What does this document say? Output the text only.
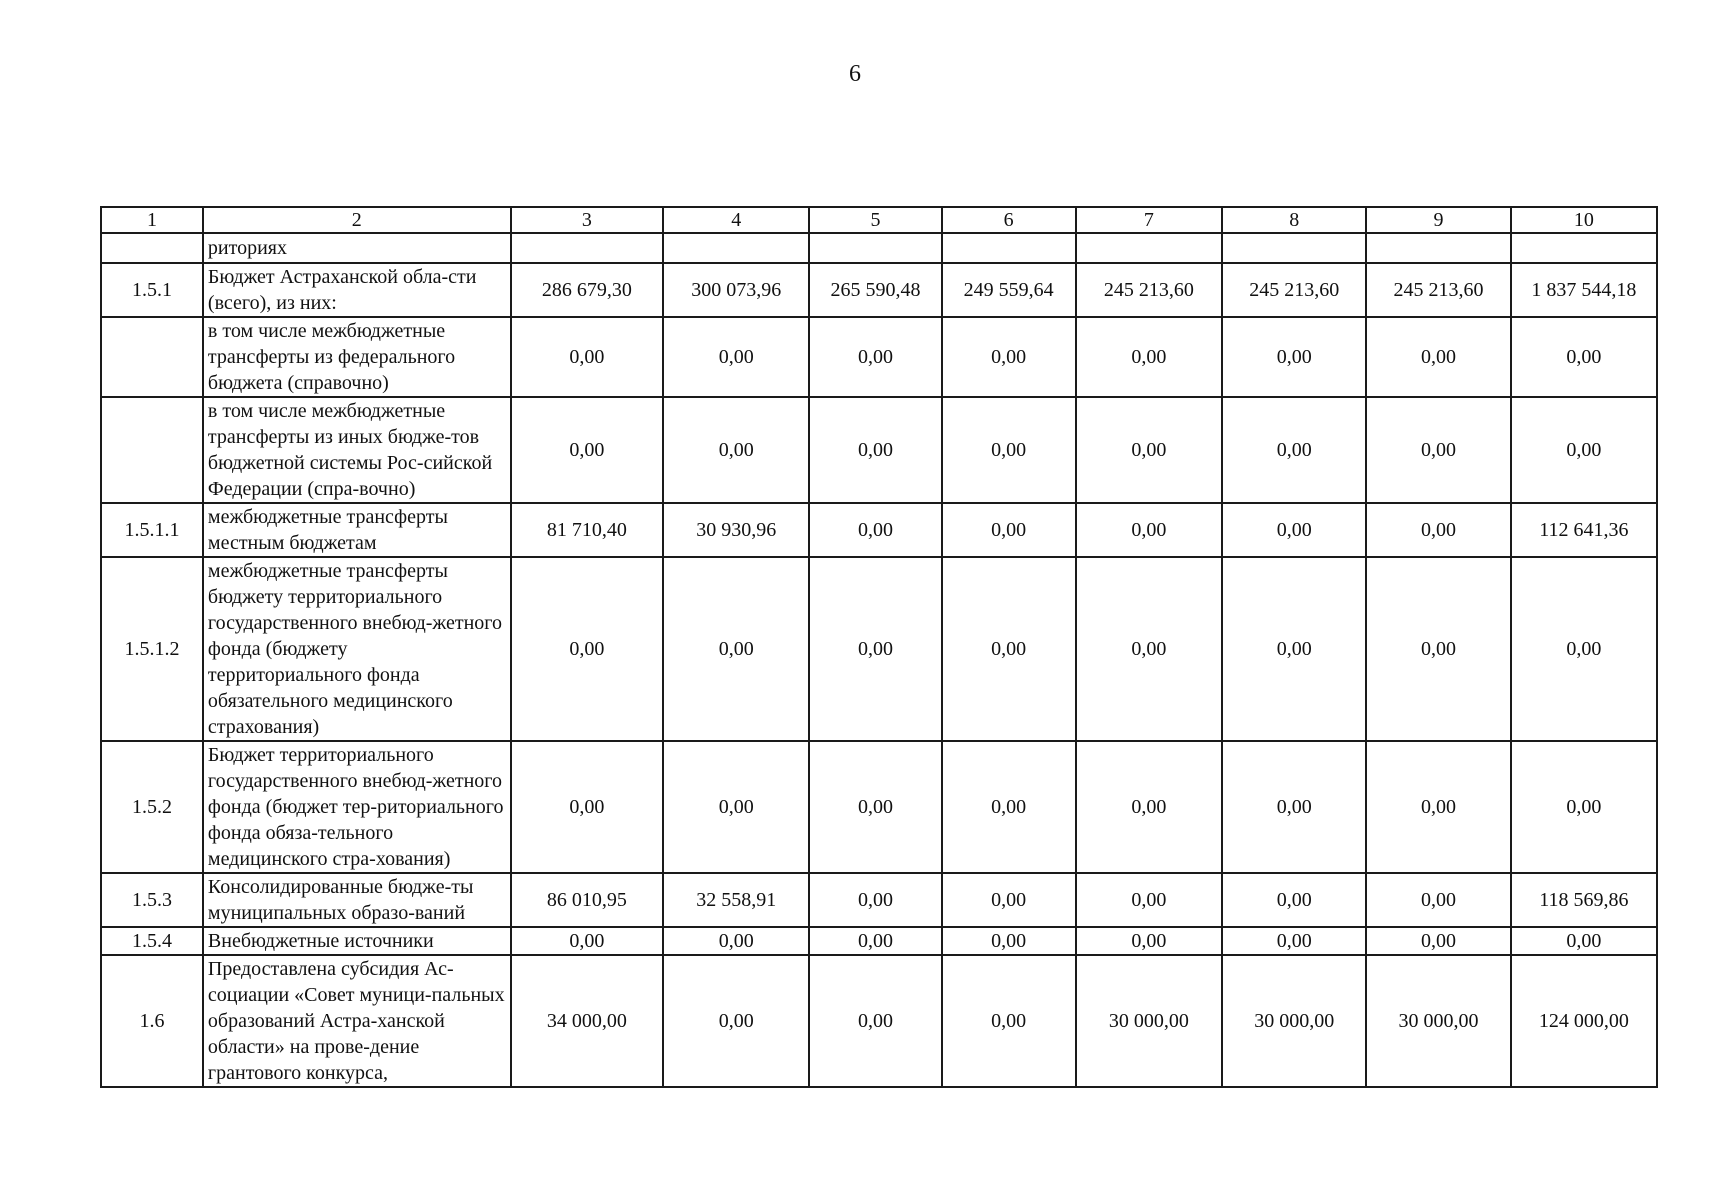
6
1	2	3	4	5	6	7	8	9	10
	риториях								
1.5.1	Бюджет Астраханской обла-сти (всего), из них:	286 679,30	300 073,96	265 590,48	249 559,64	245 213,60	245 213,60	245 213,60	1 837 544,18
	в том числе межбюджетные трансферты из федерального бюджета (справочно)	0,00	0,00	0,00	0,00	0,00	0,00	0,00	0,00
	в том числе межбюджетные трансферты из иных бюдже-тов бюджетной системы Рос-сийской Федерации (спра-вочно)	0,00	0,00	0,00	0,00	0,00	0,00	0,00	0,00
1.5.1.1	межбюджетные трансферты местным бюджетам	81 710,40	30 930,96	0,00	0,00	0,00	0,00	0,00	112 641,36
1.5.1.2	межбюджетные трансферты бюджету территориального государственного внебюд-жетного фонда (бюджету территориального фонда обязательного медицинского страхования)	0,00	0,00	0,00	0,00	0,00	0,00	0,00	0,00
1.5.2	Бюджет территориального государственного внебюд-жетного фонда (бюджет тер-риториального фонда обяза-тельного медицинского стра-хования)	0,00	0,00	0,00	0,00	0,00	0,00	0,00	0,00
1.5.3	Консолидированные бюдже-ты муниципальных образо-ваний	86 010,95	32 558,91	0,00	0,00	0,00	0,00	0,00	118 569,86
1.5.4	Внебюджетные источники	0,00	0,00	0,00	0,00	0,00	0,00	0,00	0,00
1.6	Предоставлена субсидия Ас-социации «Совет муници-пальных образований Астра-ханской области» на прове-дение грантового конкурса,	34 000,00	0,00	0,00	0,00	30 000,00	30 000,00	30 000,00	124 000,00
